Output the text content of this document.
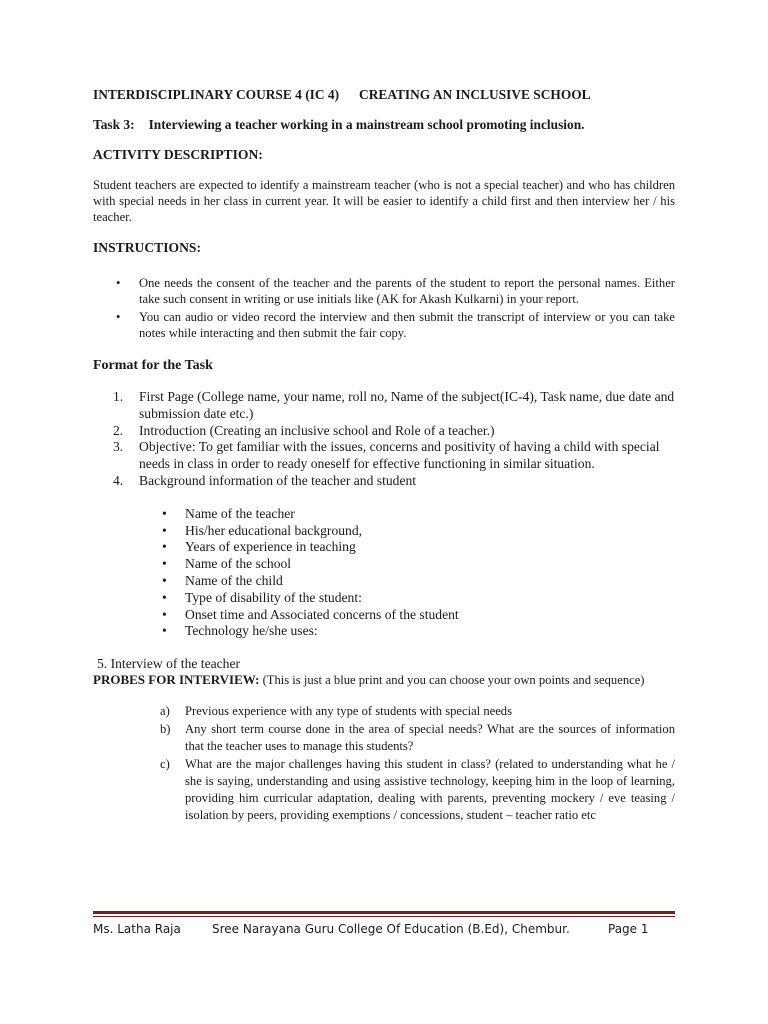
INTERDISCIPLINARY COURSE 4 (IC 4) CREATING AN INCLUSIVE SCHOOL
Task 3: Interviewing a teacher working in a mainstream school promoting inclusion.
ACTIVITY DESCRIPTION:
Student teachers are expected to identify a mainstream teacher (who is not a special teacher) and who has children with special needs in her class in current year. It will be easier to identify a child first and then interview her / his teacher.
INSTRUCTIONS:
• One needs the consent of the teacher and the parents of the student to report the personal names. Either take such consent in writing or use initials like (AK for Akash Kulkarni) in your report.
• You can audio or video record the interview and then submit the transcript of interview or you can take notes while interacting and then submit the fair copy.
Format for the Task
1. First Page (College name, your name, roll no, Name of the subject(IC-4), Task name, due date and submission date etc.)
2. Introduction (Creating an inclusive school and Role of a teacher.)
3. Objective: To get familiar with the issues, concerns and positivity of having a child with special needs in class in order to ready oneself for effective functioning in similar situation.
4. Background information of the teacher and student
• Name of the teacher
• His/her educational background,
• Years of experience in teaching
• Name of the school
• Name of the child
• Type of disability of the student:
• Onset time and Associated concerns of the student
• Technology he/she uses:
5. Interview of the teacher
PROBES FOR INTERVIEW: (This is just a blue print and you can choose your own points and sequence)
a) Previous experience with any type of students with special needs
b) Any short term course done in the area of special needs? What are the sources of information that the teacher uses to manage this students?
c) What are the major challenges having this student in class? (related to understanding what he / she is saying, understanding and using assistive technology, keeping him in the loop of learning, providing him curricular adaptation, dealing with parents, preventing mockery / eve teasing / isolation by peers, providing exemptions / concessions, student – teacher ratio etc
Ms. Latha Raja	Sree Narayana Guru College Of Education (B.Ed), Chembur.	Page 1
